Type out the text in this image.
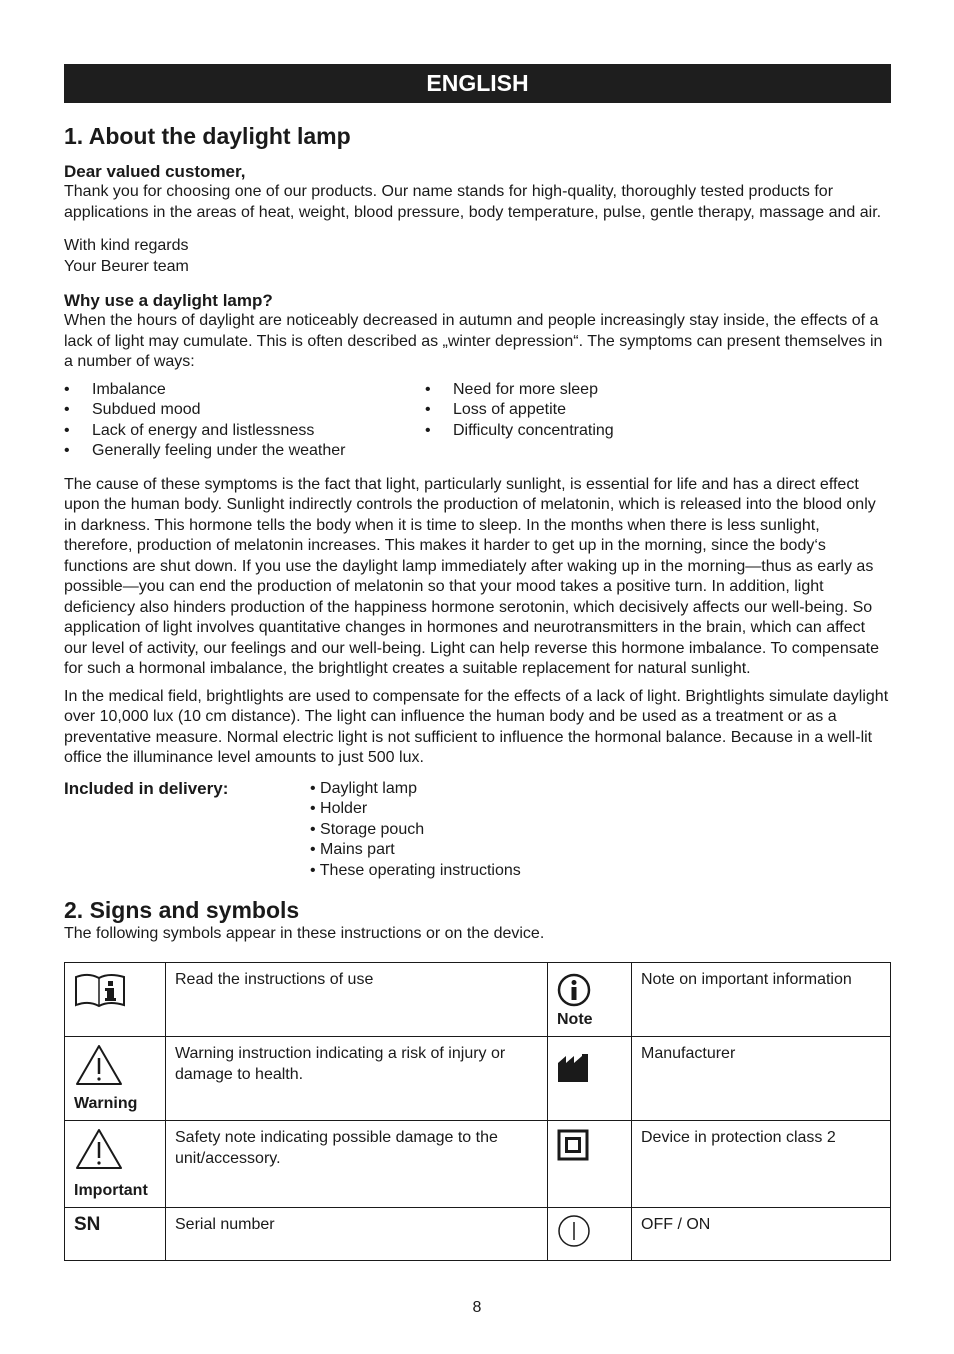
ENGLISH
1. About the daylight lamp
Dear valued customer,

Thank you for choosing one of our products. Our name stands for high-quality, thoroughly tested products for applications in the areas of heat, weight, blood pressure, body temperature, pulse, gentle therapy, massage and air.

With kind regards

Your Beurer team

Why use a daylight lamp?

When the hours of daylight are noticeably decreased in autumn and people increasingly stay inside, the effects of a lack of light may cumulate. This is often described as „winter depression“. The symptoms can present themselves in a number of ways:

• Imbalance
• Subdued mood
• Lack of energy and listlessness
• Generally feeling under the weather
• Need for more sleep
• Loss of appetite
• Difficulty concentrating

The cause of these symptoms is the fact that light, particularly sunlight, is essential for life and has a direct effect upon the human body. Sunlight indirectly controls the production of melatonin, which is released into the blood only in darkness. This hormone tells the body when it is time to sleep. In the months when there is less sunlight, therefore, production of melatonin increases. This makes it harder to get up in the morning, since the body‘s functions are shut down. If you use the daylight lamp immediately after waking up in the morning—thus as early as possible—you can end the production of melatonin so that your mood takes a positive turn. In addition, light deficiency also hinders production of the happiness hormone serotonin, which decisively affects our well-being. So application of light involves quantitative changes in hormones and neurotransmitters in the brain, which can affect our level of activity, our feelings and our well-being. Light can help reverse this hormone imbalance. To compensate for such a hormonal imbalance, the brightlight creates a suitable replacement for natural sunlight.

In the medical field, brightlights are used to compensate for the effects of a lack of light. Brightlights simulate daylight over 10,000 lux (10 cm distance). The light can influence the human body and be used as a treatment or as a preventative measure. Normal electric light is not sufficient to influence the hormonal balance. Because in a well-lit office the illuminance level amounts to just 500 lux.

Included in delivery:	• Daylight lamp
• Holder
• Storage pouch
• Mains part
• These operating instructions
2. Signs and symbols

The following symbols appear in these instructions or on the device.

	Read the instructions of use	Note	Note on important information

Warning	Warning instruction indicating a risk of injury or damage to health.		Manufacturer

Important	Safety note indicating possible damage to the unit/accessory.		Device in protection class 2
SN	Serial number		OFF / ON
8
